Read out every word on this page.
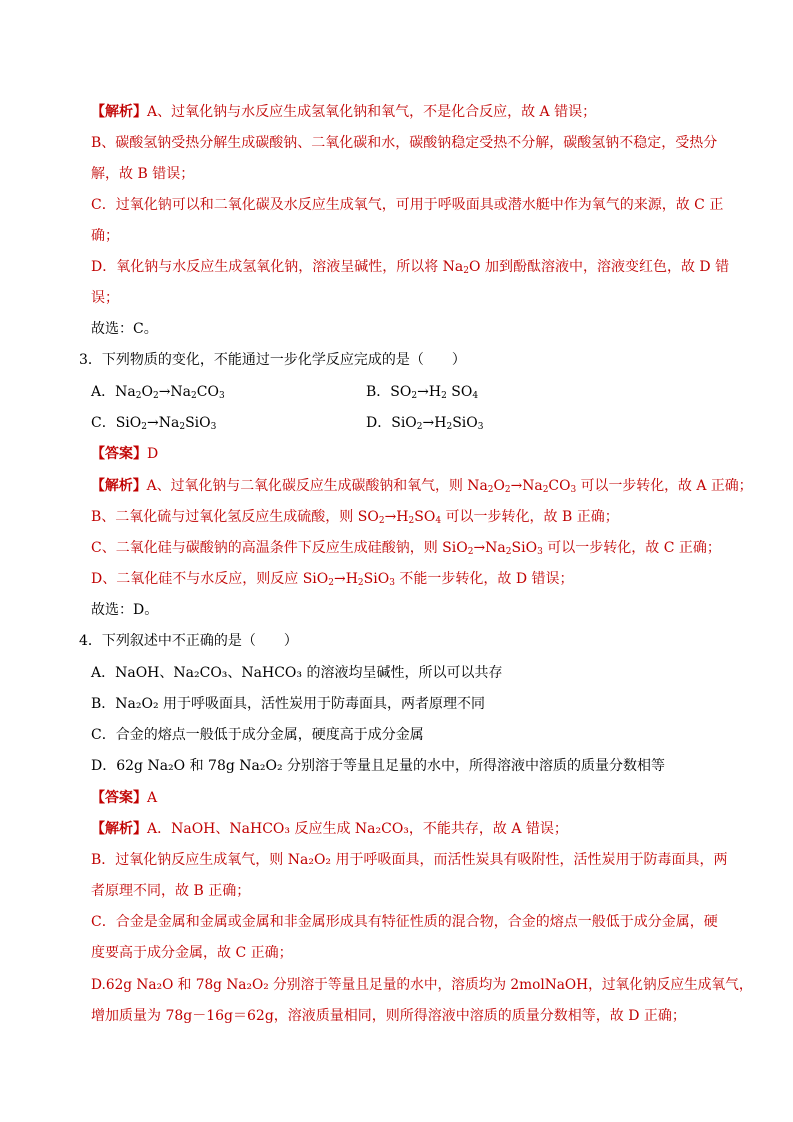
【解析】A、过氧化钠与水反应生成氢氧化钠和氧气，不是化合反应，故 A 错误；
B、碳酸氢钠受热分解生成碳酸钠、二氧化碳和水，碳酸钠稳定受热不分解，碳酸氢钠不稳定，受热分
解，故 B 错误；
C．过氧化钠可以和二氧化碳及水反应生成氧气，可用于呼吸面具或潜水艇中作为氧气的来源，故 C 正
确；
D．氧化钠与水反应生成氢氧化钠，溶液呈碱性，所以将 $Na_2O$ 加到酚酞溶液中，溶液变红色，故 D 错
误；
故选：C。
3．下列物质的变化，不能通过一步化学反应完成的是（　　）
A．$Na_2O_2\to Na_2CO_3$	B．$SO_2\to H_2$ $SO_4$
C．$SiO_2\to Na_2SiO_3$	D．$SiO_2\to H_2SiO_3$
【答案】D
【解析】A、过氧化钠与二氧化碳反应生成碳酸钠和氧气，则 $Na_2O_2\to Na_2CO_3$ 可以一步转化，故 A 正确；
B、二氧化硫与过氧化氢反应生成硫酸，则 $SO_2\to H_2SO_4$ 可以一步转化，故 B 正确；
C、二氧化硅与碳酸钠的高温条件下反应生成硅酸钠，则 $SiO_2\to Na_2SiO_3$ 可以一步转化，故 C 正确；
D、二氧化硅不与水反应，则反应 $SiO_2\to H_2SiO_3$ 不能一步转化，故 D 错误；
故选：D。
4．下列叙述中不正确的是（　　）
A．NaOH、Na₂CO₃、NaHCO₃ 的溶液均呈碱性，所以可以共存
B．Na₂O₂ 用于呼吸面具，活性炭用于防毒面具，两者原理不同
C．合金的熔点一般低于成分金属，硬度高于成分金属
D．62g Na₂O 和 78g Na₂O₂ 分别溶于等量且足量的水中，所得溶液中溶质的质量分数相等
【答案】A
【解析】A．NaOH、NaHCO₃ 反应生成 Na₂CO₃，不能共存，故 A 错误；
B．过氧化钠反应生成氧气，则 Na₂O₂ 用于呼吸面具，而活性炭具有吸附性，活性炭用于防毒面具，两
者原理不同，故 B 正确；
C．合金是金属和金属或金属和非金属形成具有特征性质的混合物，合金的熔点一般低于成分金属，硬
度要高于成分金属，故 C 正确；
D.62g Na₂O 和 78g Na₂O₂ 分别溶于等量且足量的水中，溶质均为 2molNaOH，过氧化钠反应生成氧气，
增加质量为 78g－16g＝62g，溶液质量相同，则所得溶液中溶质的质量分数相等，故 D 正确；
